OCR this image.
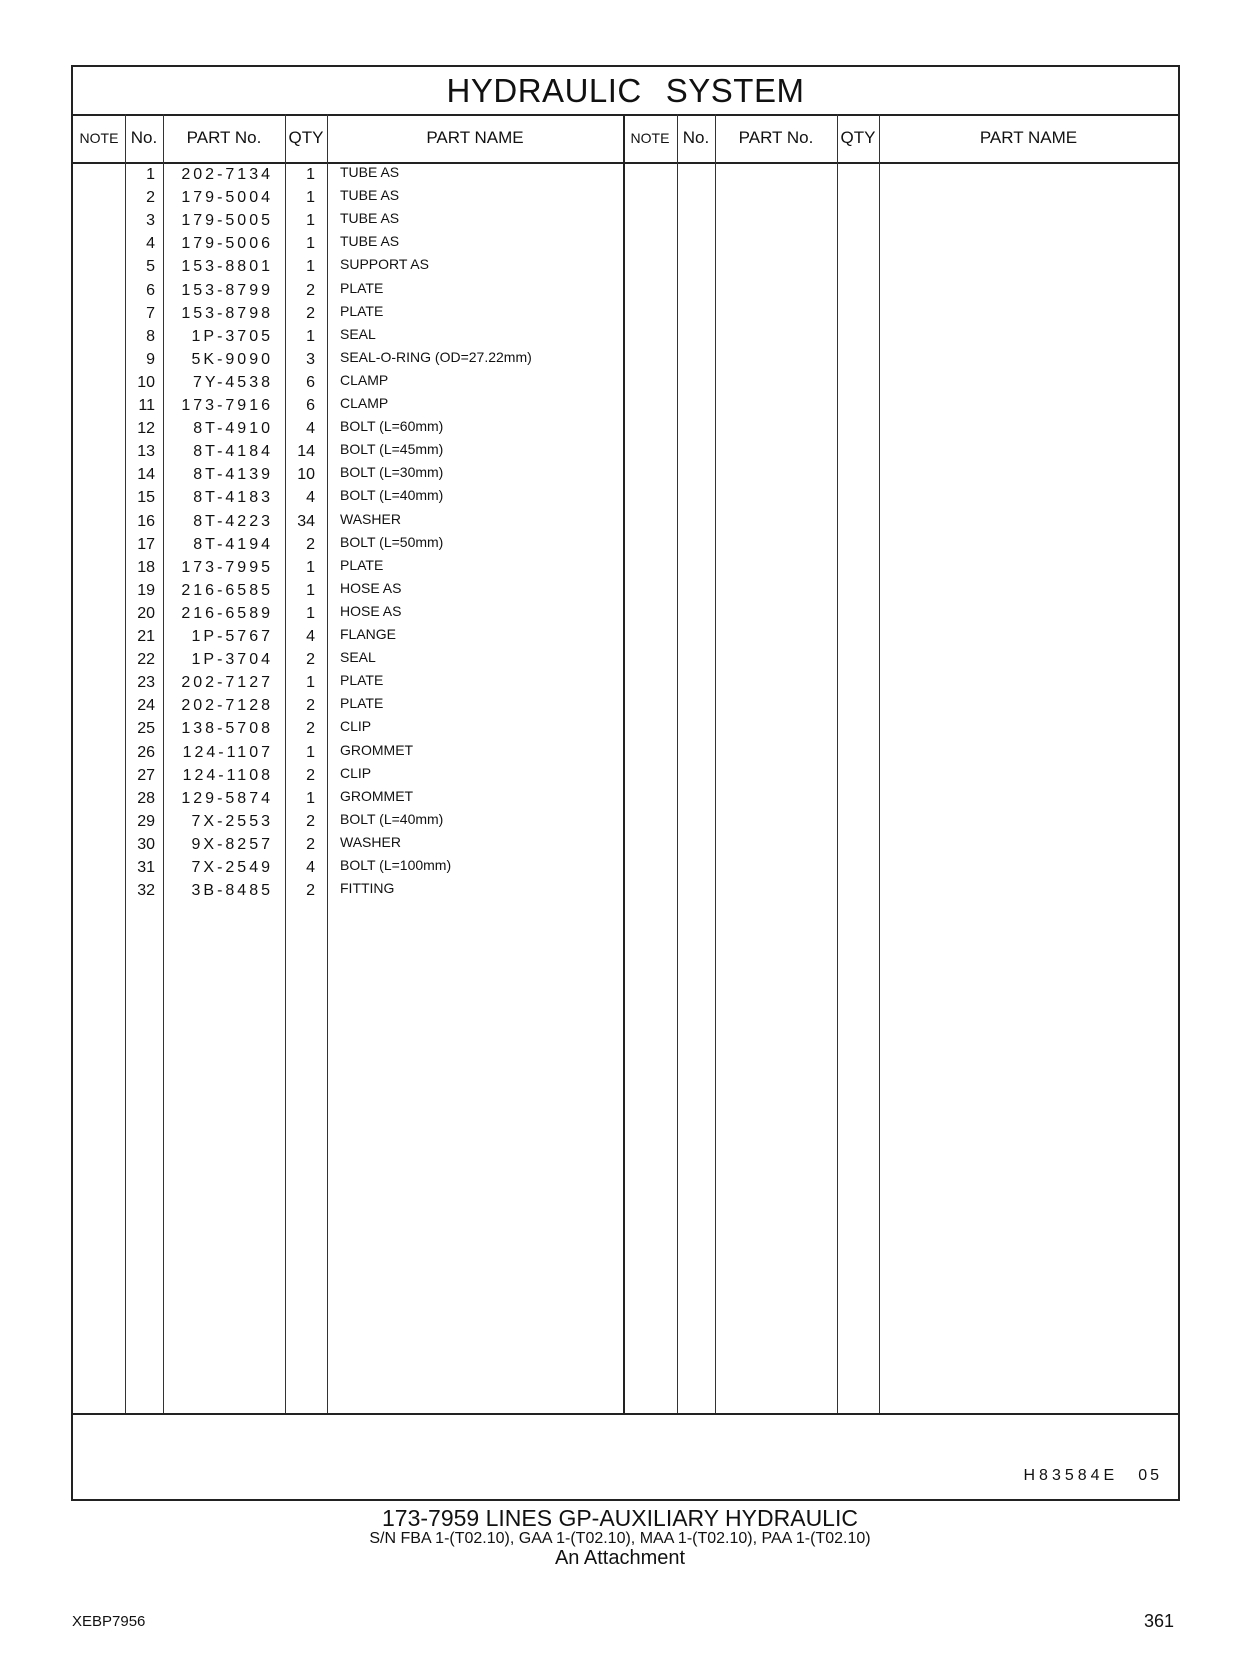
HYDRAULIC SYSTEM
NOTE No.	PART No.	QTY	PART NAME	NOTE No.	PART No.	QTY	PART NAME
1	202-7134	1 TUBE AS
2	179-5004	1 TUBE AS
3	179-5005	1 TUBE AS
4	179-5006	1 TUBE AS
5	153-8801	1 SUPPORT AS
6	153-8799	2 PLATE
7	153-8798	2 PLATE
8	1P-3705	1 SEAL
9	5K-9090	3 SEAL-O-RING (OD=27.22mm)
10	7Y-4538	6 CLAMP
11	173-7916	6 CLAMP
12	8T-4910	4 BOLT (L=60mm)
13	8T-4184	14 BOLT (L=45mm)
14	8T-4139	10 BOLT (L=30mm)
15	8T-4183	4 BOLT (L=40mm)
16	8T-4223	34 WASHER
17	8T-4194	2 BOLT (L=50mm)
18	173-7995	1 PLATE
19	216-6585	1 HOSE AS
20	216-6589	1 HOSE AS
21	1P-5767	4 FLANGE
22	1P-3704	2 SEAL
23	202-7127	1 PLATE
24	202-7128	2 PLATE
25	138-5708	2 CLIP
26	124-1107	1 GROMMET
27	124-1108	2 CLIP
28	129-5874	1 GROMMET
29	7X-2553	2 BOLT (L=40mm)
30	9X-8257	2 WASHER
31	7X-2549	4 BOLT (L=100mm)
32	3B-8485	2 FITTING
H83584E 05
173-7959 LINES GP-AUXILIARY HYDRAULIC
S/N FBA 1-(T02.10), GAA 1-(T02.10), MAA 1-(T02.10), PAA 1-(T02.10)
An Attachment
XEBP7956	361
